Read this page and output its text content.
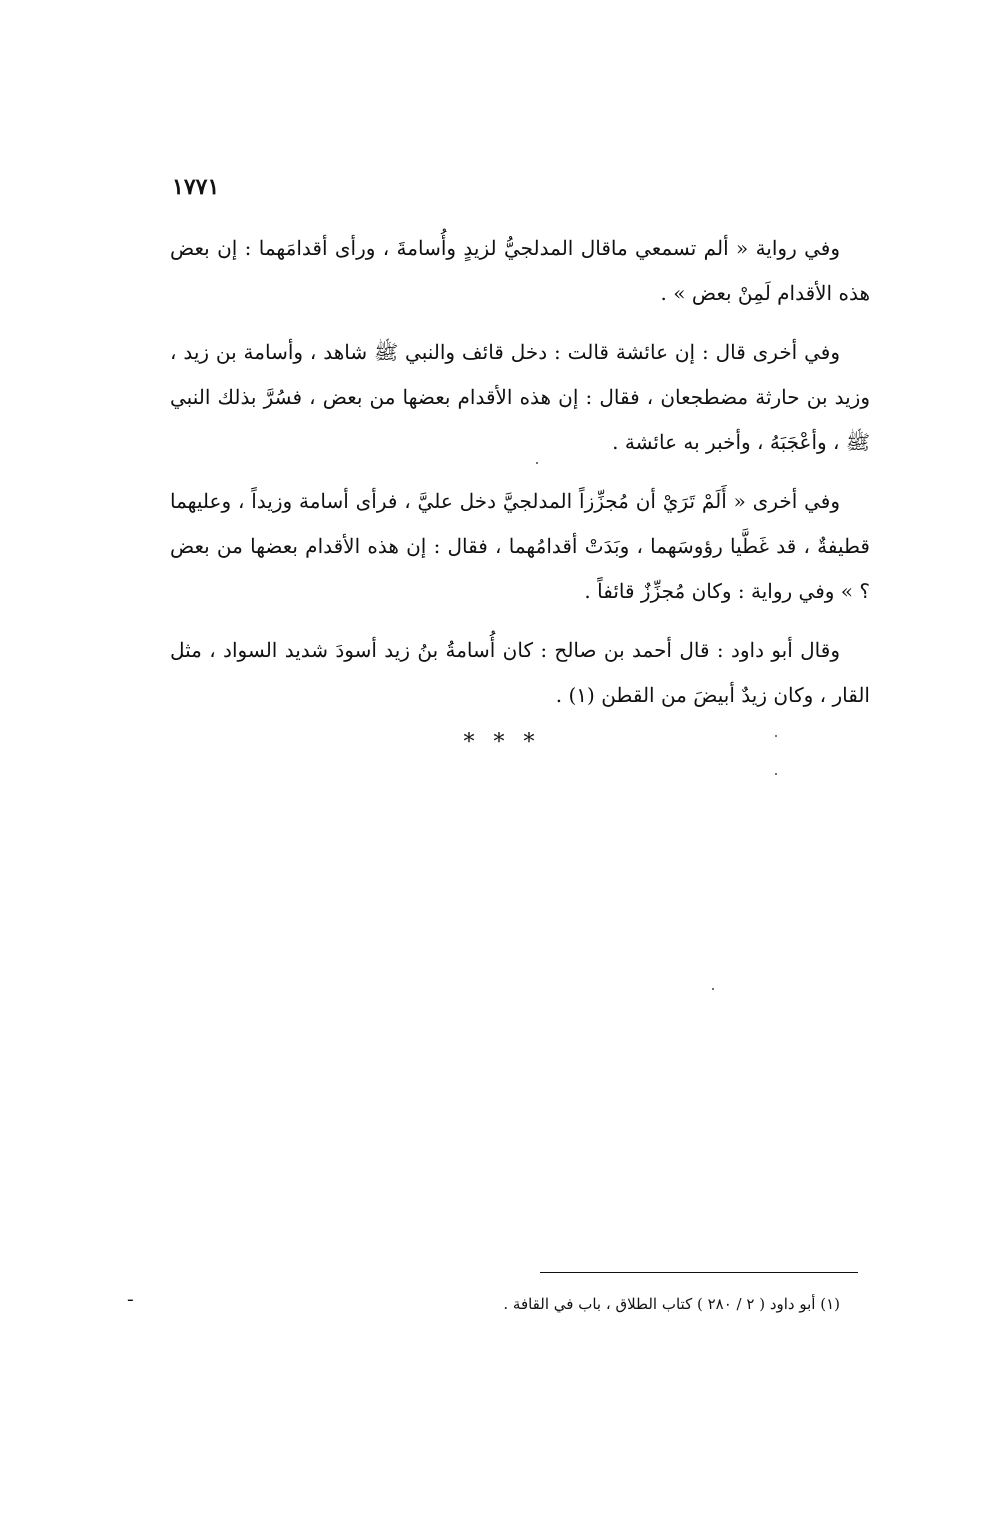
١٧٧١

وفي رواية « ألم تسمعي ماقال المدلجيُّ لزيدٍ وأُسامةَ ، ورأى أقدامَهما : إن بعض هذه الأقدام لَمِنْ بعض » .

وفي أخرى قال : إن عائشة قالت : دخل قائف والنبي ﷺ شاهد ، وأسامة بن زيد ، وزيد بن حارثة مضطجعان ، فقال : إن هذه الأقدام بعضها من بعض ، فسُرَّ بذلك النبي ﷺ ، وأعْجَبَهُ ، وأخبر به عائشة .

وفي أخرى « أَلَمْ تَرَيْ أن مُجزِّزاً المدلجيَّ دخل عليَّ ، فرأى أسامة وزيداً ، وعليهما قطيفةٌ ، قد غَطَّيا رؤوسَهما ، وبَدَتْ أقدامُهما ، فقال : إن هذه الأقدام بعضها من بعض ؟ » وفي رواية : وكان مُجزِّزٌ قائفاً .

وقال أبو داود : قال أحمد بن صالح : كان أُسامةُ بنُ زيد أسودَ شديد السواد ، مثل القار ، وكان زيدٌ أبيضَ من القطن (١) .

* * *
(١) أبو داود ( ٢ / ٢٨٠ ) كتاب الطلاق ، باب في القافة .
ـ
